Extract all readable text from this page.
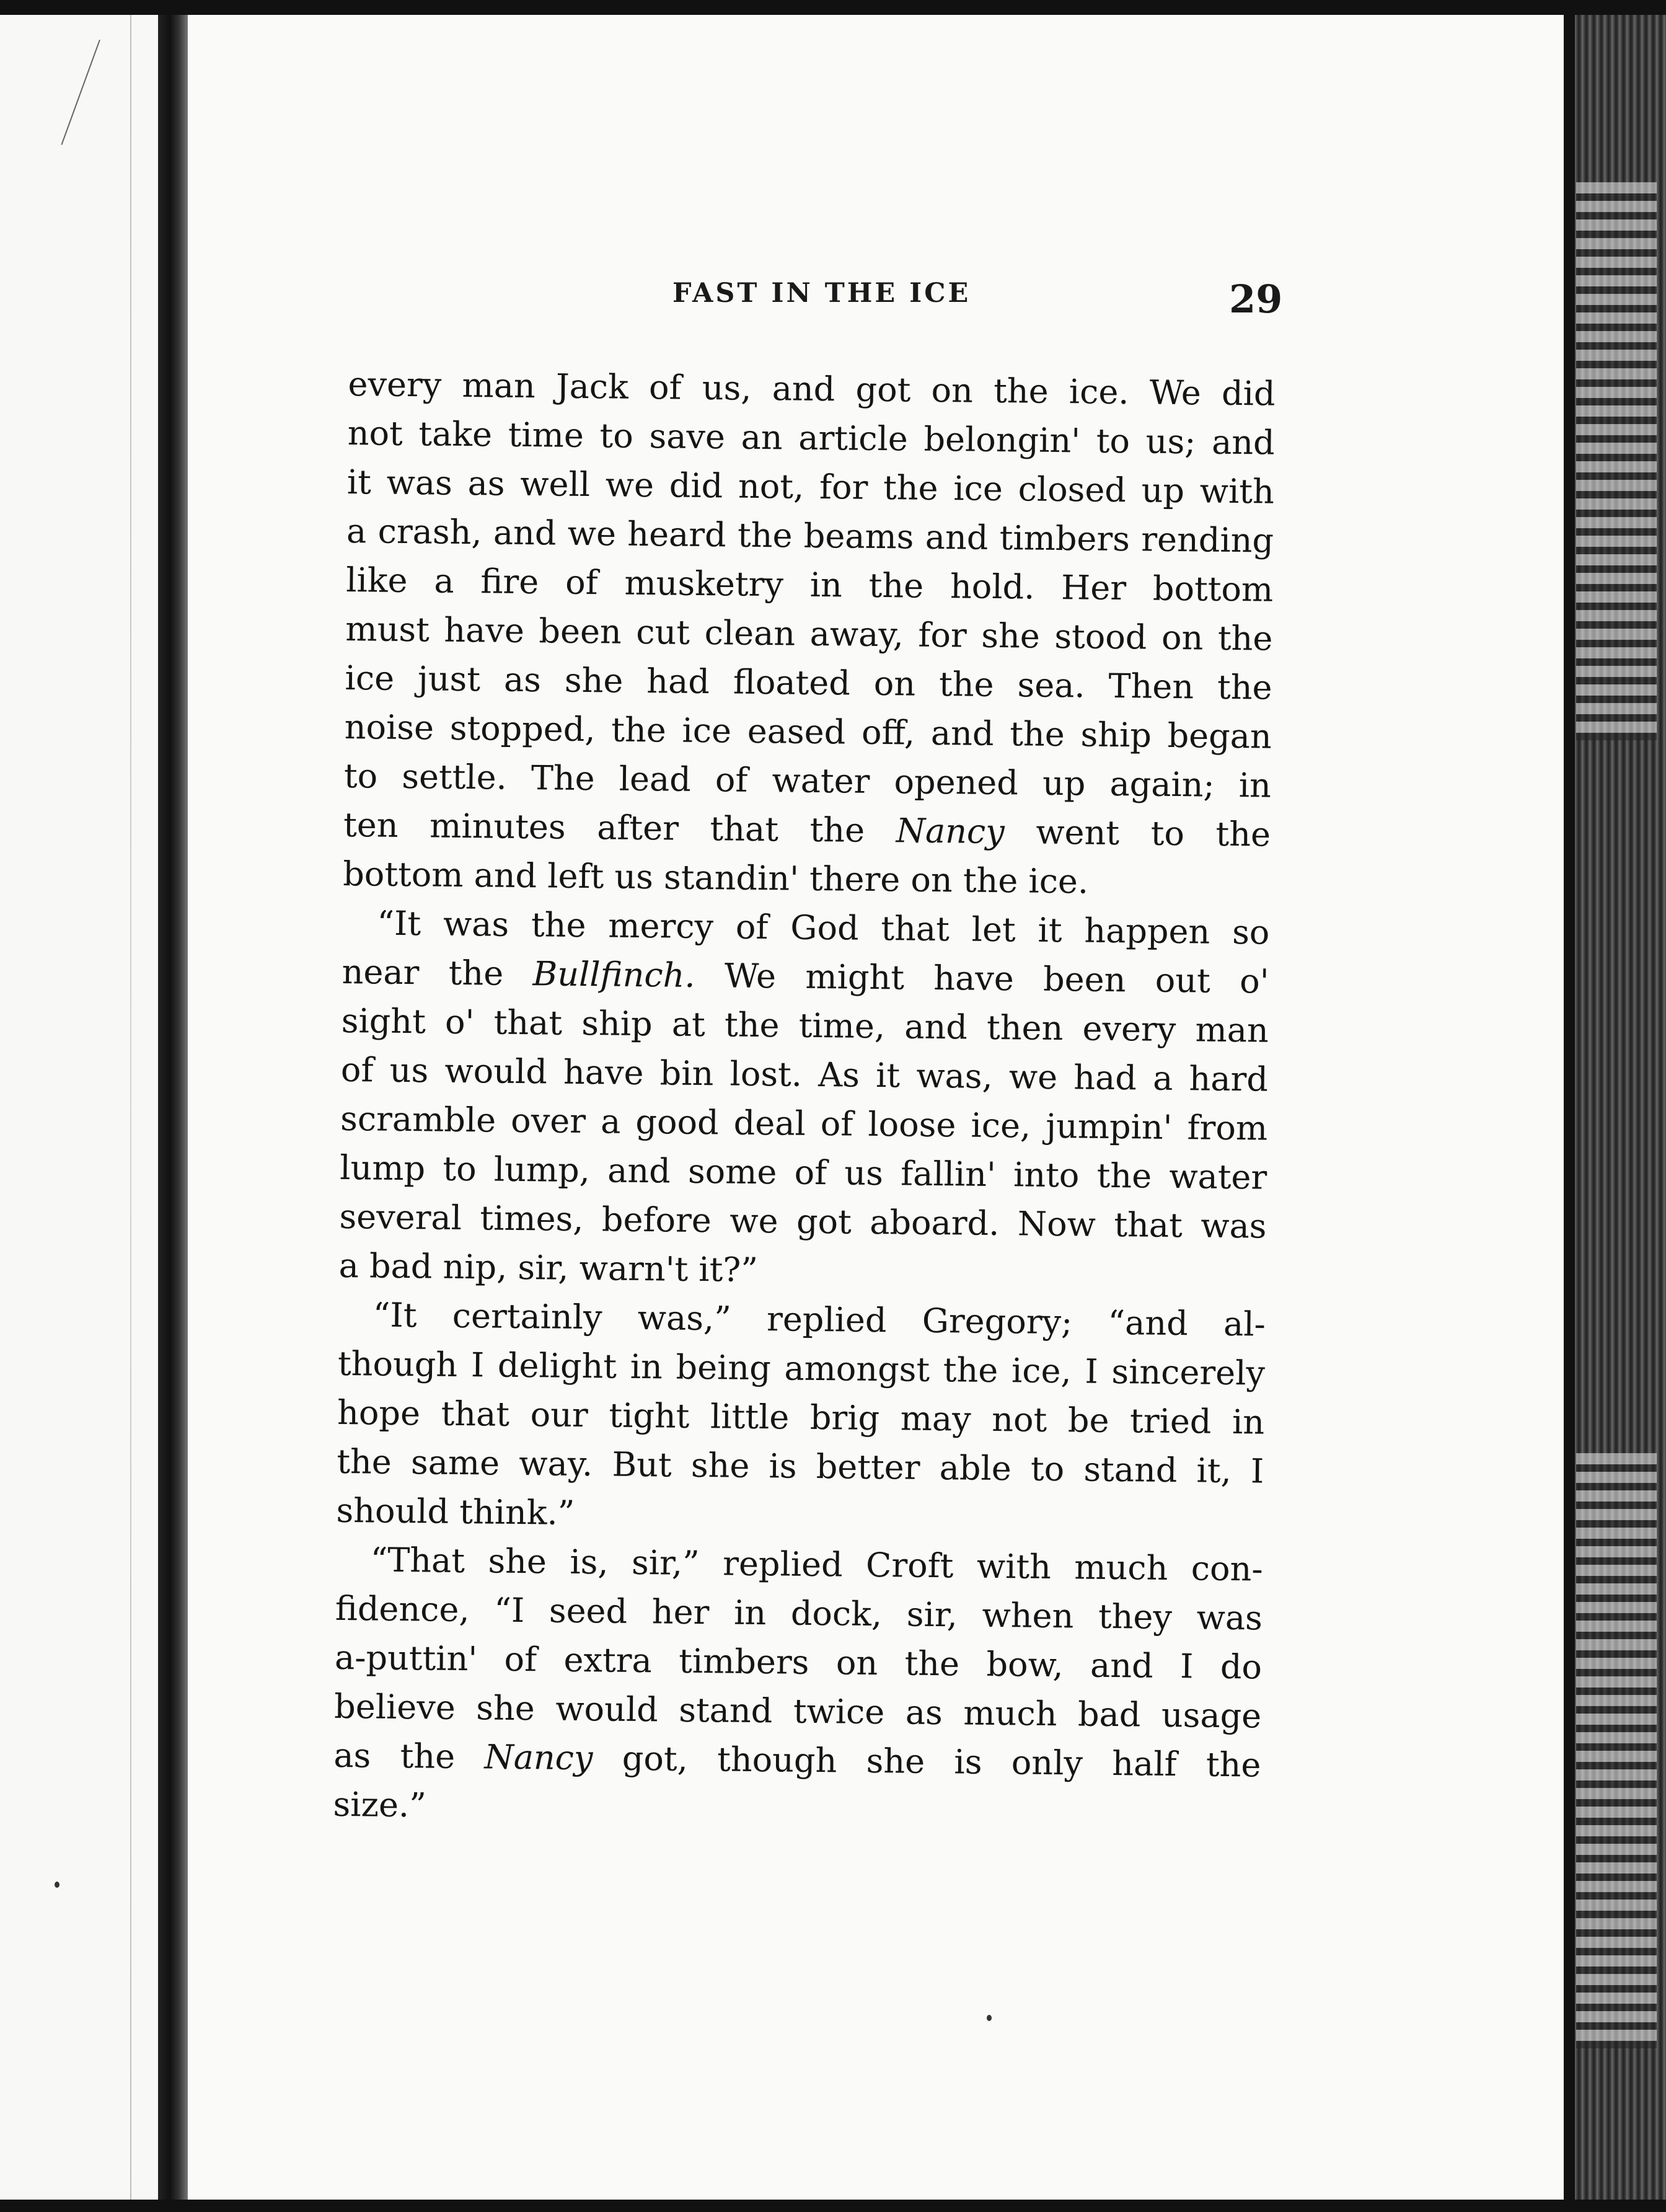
FAST IN THE ICE	29
every man Jack of us, and got on the ice. We did
not take time to save an article belongin' to us; and
it was as well we did not, for the ice closed up with
a crash, and we heard the beams and timbers rending
like a fire of musketry in the hold. Her bottom
must have been cut clean away, for she stood on the
ice just as she had floated on the sea. Then the
noise stopped, the ice eased off, and the ship began
to settle. The lead of water opened up again; in
ten minutes after that the Nancy went to the
bottom and left us standin' there on the ice.
“It was the mercy of God that let it happen so
near the Bullfinch. We might have been out o'
sight o' that ship at the time, and then every man
of us would have bin lost. As it was, we had a hard
scramble over a good deal of loose ice, jumpin' from
lump to lump, and some of us fallin' into the water
several times, before we got aboard. Now that was
a bad nip, sir, warn't it?”
“It certainly was,” replied Gregory; “and al-
though I delight in being amongst the ice, I sincerely
hope that our tight little brig may not be tried in
the same way. But she is better able to stand it, I
should think.”
“That she is, sir,” replied Croft with much con-
fidence, “I seed her in dock, sir, when they was
a-puttin' of extra timbers on the bow, and I do
believe she would stand twice as much bad usage
as the Nancy got, though she is only half the
size.”
